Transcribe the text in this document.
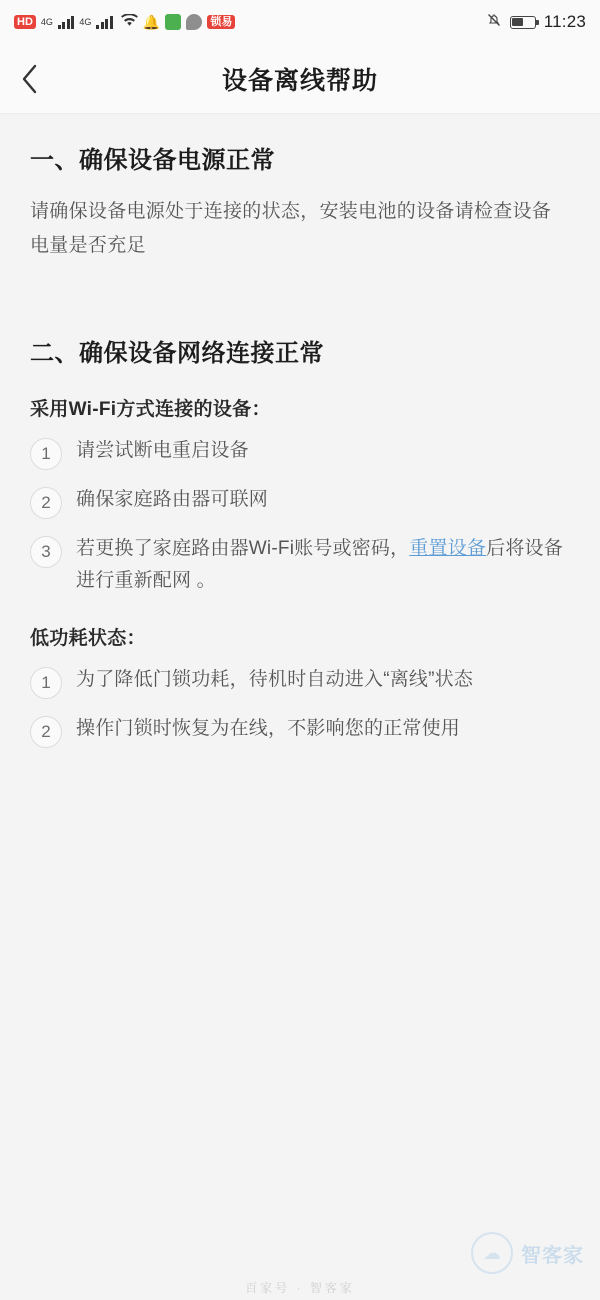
HD 4G	4G	🔔	锁易	11:23
设备离线帮助
一、确保设备电源正常

请确保设备电源处于连接的状态，安装电池的设备请检查设备电量是否充足

二、确保设备网络连接正常
采用Wi-Fi方式连接的设备：
1	请尝试断电重启设备
2	确保家庭路由器可联网
3	若更换了家庭路由器Wi-Fi账号或密码，重置设备后将设备进行重新配网 。
低功耗状态：
1	为了降低门锁功耗，待机时自动进入“离线”状态
2	操作门锁时恢复为在线，不影响您的正常使用
☁ 智客家
百家号 · 智客家
